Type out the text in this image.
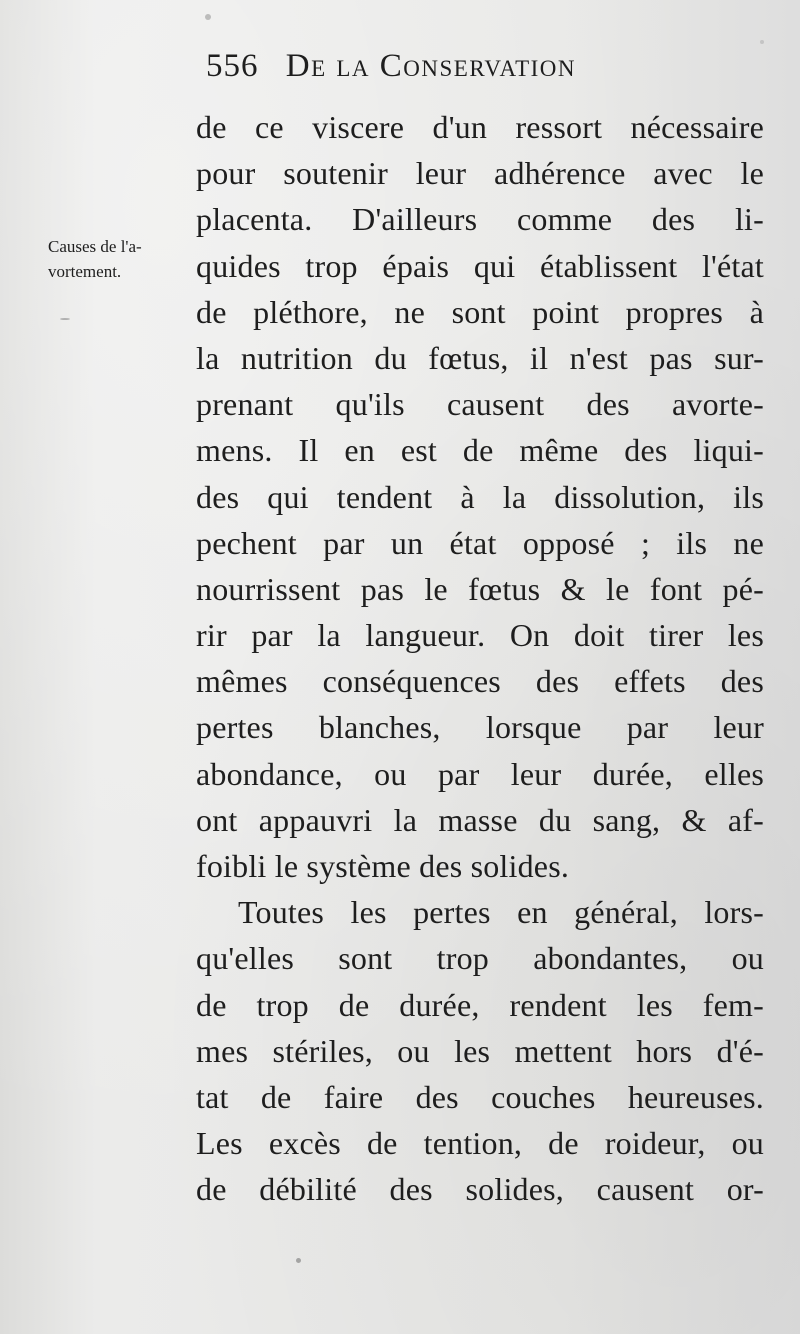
556 De la Conservation
Causes de l'a-
vortement.
de ce viscere d'un ressort nécessaire
pour soutenir leur adhérence avec le
placenta. D'ailleurs comme des li-
quides trop épais qui établissent l'état
de pléthore, ne sont point propres à
la nutrition du fœtus, il n'est pas sur-
prenant qu'ils causent des avorte-
mens. Il en est de même des liqui-
des qui tendent à la dissolution, ils
pechent par un état opposé ; ils ne
nourrissent pas le fœtus & le font pé-
rir par la langueur. On doit tirer les
mêmes conséquences des effets des
pertes blanches, lorsque par leur
abondance, ou par leur durée, elles
ont appauvri la masse du sang, & af-
foibli le système des solides.
Toutes les pertes en général, lors-
qu'elles sont trop abondantes, ou
de trop de durée, rendent les fem-
mes stériles, ou les mettent hors d'é-
tat de faire des couches heureuses.
Les excès de tention, de roideur, ou
de débilité des solides, causent or-
